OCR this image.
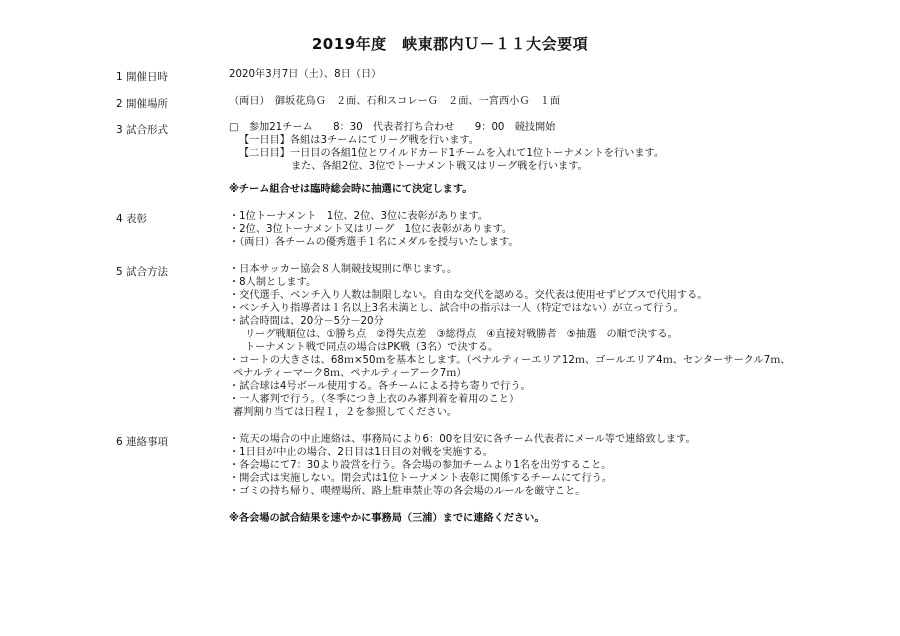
2019年度　峡東郡内Ｕ－１１大会要項
1 開催日時	2020年3月7日（土）、8日（日）
2 開催場所	（両日）　御坂花鳥Ｇ　２面、石和スコレーＧ　２面、一宮西小Ｇ　１面
3 試合形式	□　参加21チーム　　8：30　代表者打ち合わせ　　9：00　競技開始
【一日目】各組は3チームにてリーグ戦を行います。
【二日目】一日目の各組1位とワイルドカード1チームを入れて1位トーナメントを行います。
また、各組2位、3位でトーナメント戦又はリーグ戦を行います。
※チーム組合せは臨時総会時に抽選にて決定します。
4 表彰	・1位トーナメント　1位、2位、3位に表彰があります。
・2位、3位トーナメント又はリーグ　1位に表彰があります。
・（両日）各チームの優秀選手１名にメダルを授与いたします。
5 試合方法	・日本サッカー協会８人制競技規則に準じます。。
・8人制とします。
・交代選手、ベンチ入り人数は制限しない。自由な交代を認める。交代表は使用せずビブスで代用する。
・ベンチ入り指導者は１名以上3名未満とし、試合中の指示は一人（特定ではない）が立って行う。
・試合時間は、20分－5分－20分
リーグ戦順位は、①勝ち点　②得失点差　③総得点　④直接対戦勝者　⑤抽選　の順で決する。
トーナメント戦で同点の場合はPK戦（3名）で決する。
・コートの大きさは、68ｍ×50ｍを基本とします。（ペナルティーエリア12ｍ、ゴールエリア4ｍ、センターサークル7ｍ、
ペナルティーマーク8ｍ、ペナルティーアーク7ｍ）
・試合球は4号ボール使用する。各チームによる持ち寄りで行う。
・一人審判で行う。（冬季につき上衣のみ審判着を着用のこと）
審判割り当ては日程１，２を参照してください。
6 連絡事項	・荒天の場合の中止連絡は、事務局により6：00を目安に各チーム代表者にメール等で連絡致します。
・1日目が中止の場合、2日目は1日目の対戦を実施する。
・各会場にて7：30より設営を行う。各会場の参加チームより1名を出労すること。
・開会式は実施しない。閉会式は1位トーナメント表彰に関係するチームにて行う。
・ゴミの持ち帰り、喫煙場所、路上駐車禁止等の各会場のルールを厳守こと。
※各会場の試合結果を速やかに事務局（三浦）までに連絡ください。
